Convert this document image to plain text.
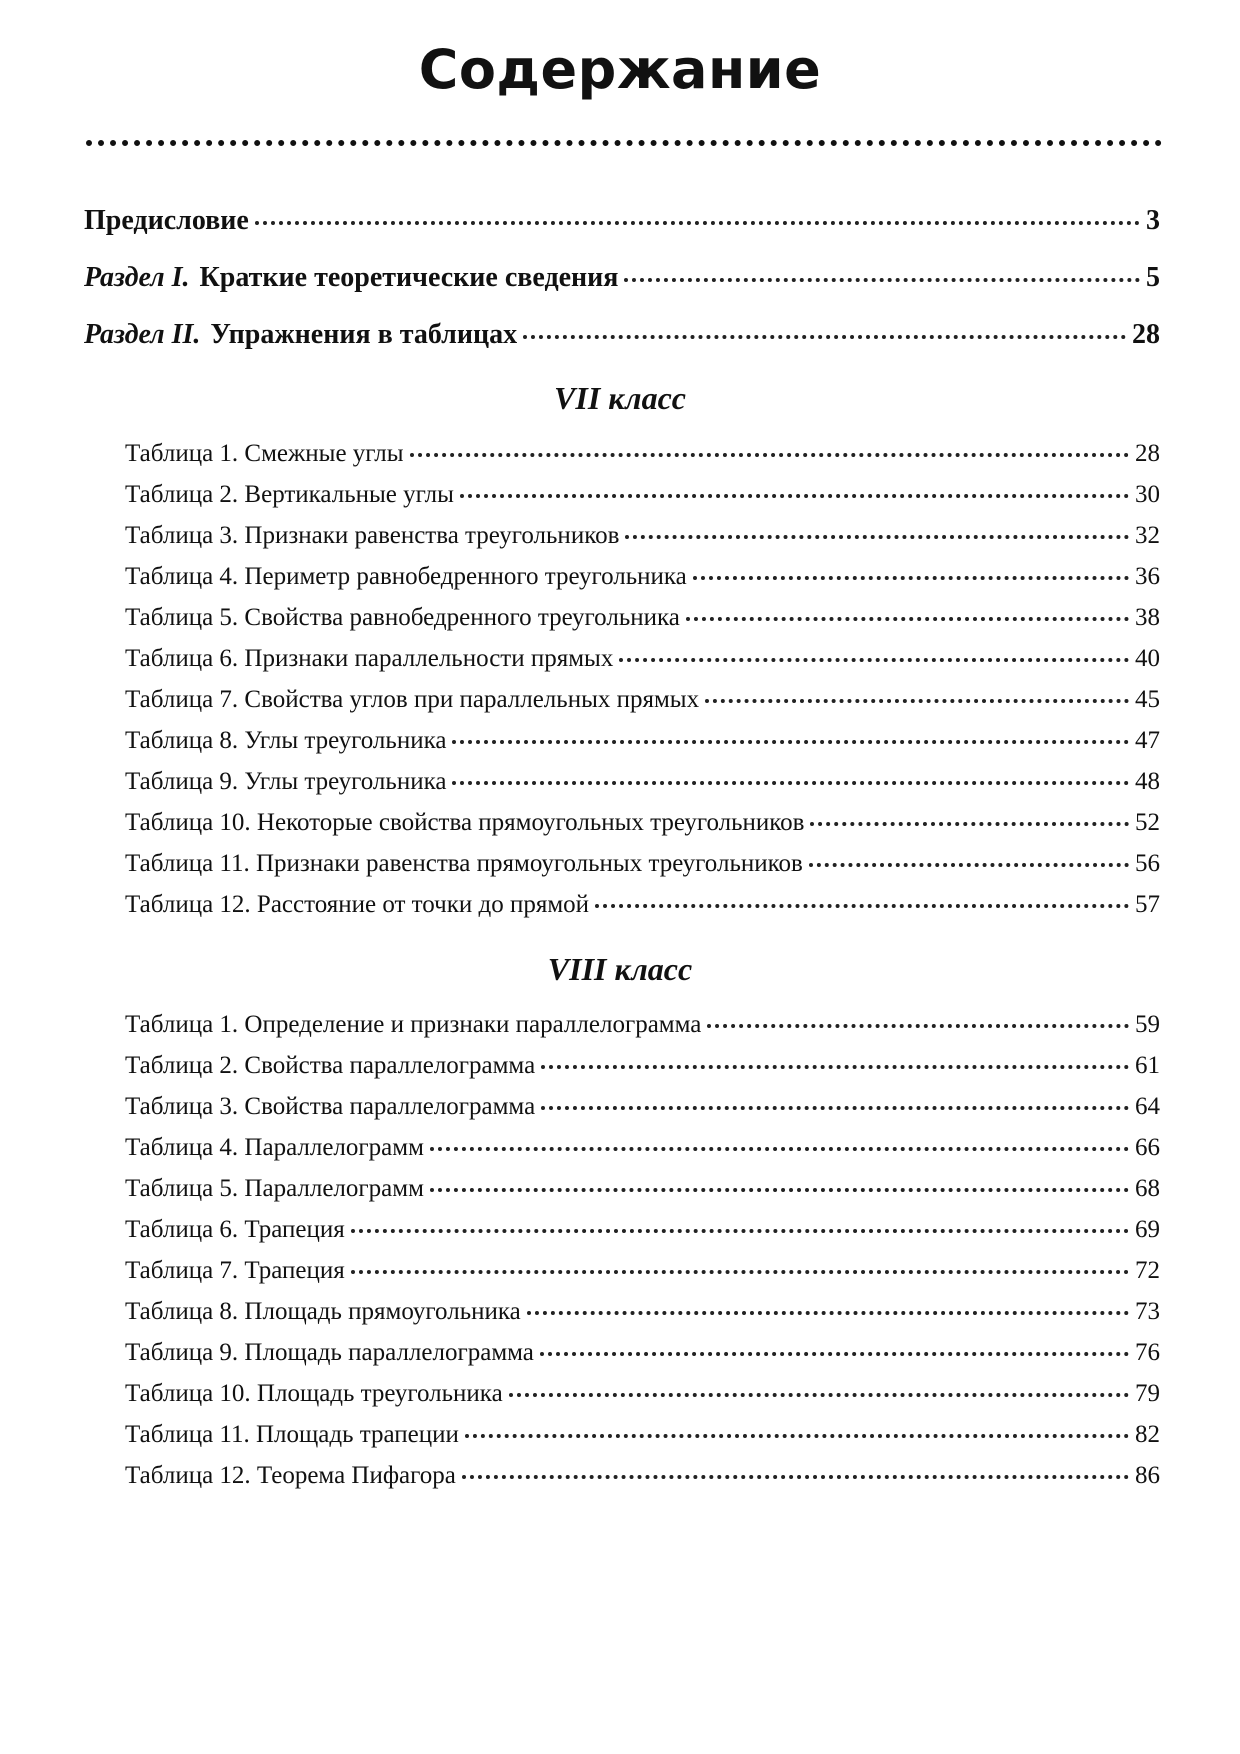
Содержание
Предисловие	3
Раздел I. Краткие теоретические сведения	5
Раздел II. Упражнения в таблицах	28
VII класс
Таблица 1. Смежные углы	28
Таблица 2. Вертикальные углы	30
Таблица 3. Признаки равенства треугольников	32
Таблица 4. Периметр равнобедренного треугольника	36
Таблица 5. Свойства равнобедренного треугольника	38
Таблица 6. Признаки параллельности прямых	40
Таблица 7. Свойства углов при параллельных прямых	45
Таблица 8. Углы треугольника	47
Таблица 9. Углы треугольника	48
Таблица 10. Некоторые свойства прямоугольных треугольников	52
Таблица 11. Признаки равенства прямоугольных треугольников	56
Таблица 12. Расстояние от точки до прямой	57
VIII класс
Таблица 1. Определение и признаки параллелограмма	59
Таблица 2. Свойства параллелограмма	61
Таблица 3. Свойства параллелограмма	64
Таблица 4. Параллелограмм	66
Таблица 5. Параллелограмм	68
Таблица 6. Трапеция	69
Таблица 7. Трапеция	72
Таблица 8. Площадь прямоугольника	73
Таблица 9. Площадь параллелограмма	76
Таблица 10. Площадь треугольника	79
Таблица 11. Площадь трапеции	82
Таблица 12. Теорема Пифагора	86
